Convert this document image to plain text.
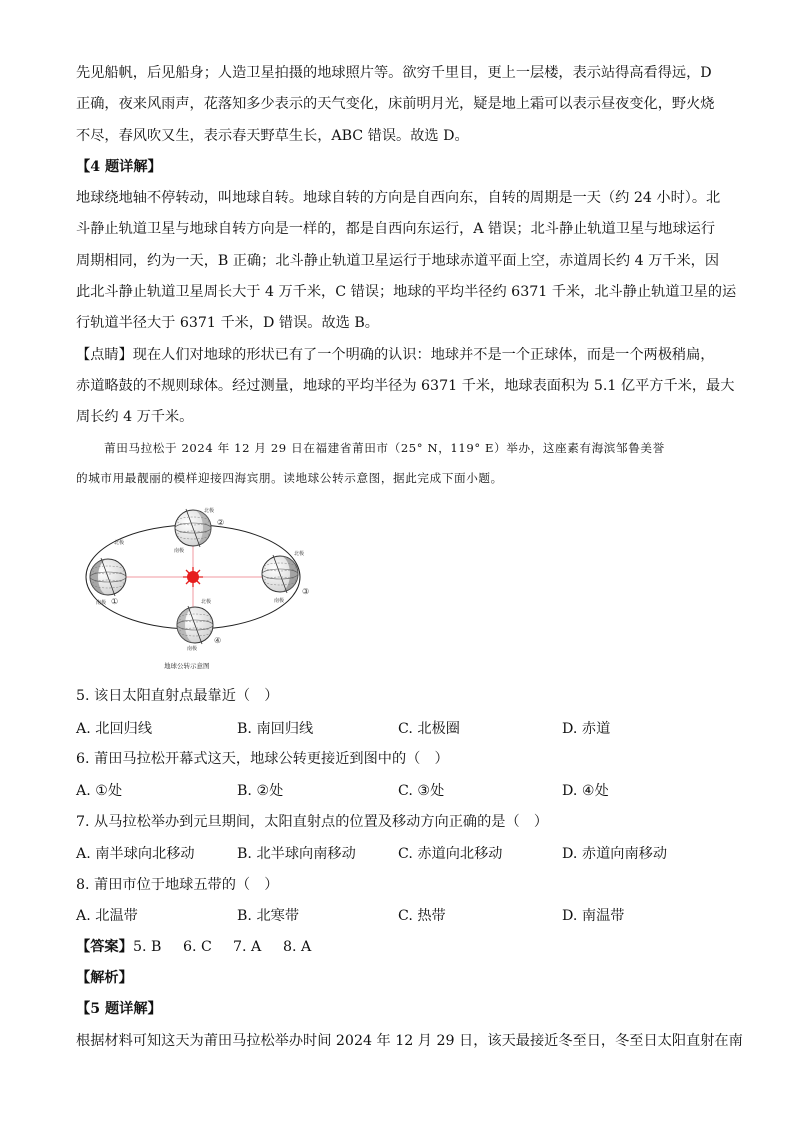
先见船帆，后见船身；人造卫星拍摄的地球照片等。欲穷千里目，更上一层楼，表示站得高看得远，D
正确，夜来风雨声，花落知多少表示的天气变化，床前明月光，疑是地上霜可以表示昼夜变化，野火烧
不尽，春风吹又生，表示春天野草生长，ABC 错误。故选 D。
【4 题详解】
地球绕地轴不停转动，叫地球自转。地球自转的方向是自西向东，自转的周期是一天（约 24 小时）。北
斗静止轨道卫星与地球自转方向是一样的，都是自西向东运行，A 错误；北斗静止轨道卫星与地球运行
周期相同，约为一天，B 正确；北斗静止轨道卫星运行于地球赤道平面上空，赤道周长约 4 万千米，因
此北斗静止轨道卫星周长大于 4 万千米，C 错误；地球的平均半径约 6371 千米，北斗静止轨道卫星的运
行轨道半径大于 6371 千米，D 错误。故选 B。
【点睛】现在人们对地球的形状已有了一个明确的认识：地球并不是一个正球体，而是一个两极稍扁，
赤道略鼓的不规则球体。经过测量，地球的平均半径为 6371 千米，地球表面积为 5.1 亿平方千米，最大
周长约 4 万千米。
莆田马拉松于 2024 年 12 月 29 日在福建省莆田市（25° N，119° E）举办，这座素有海滨邹鲁美誉
的城市用最靓丽的模样迎接四海宾朋。读地球公转示意图，据此完成下面小题。
北极
南极
②
北极
南极 ①
北极
南极
③
北极
南极
④
地球公转示意图
5. 该日太阳直射点最靠近（　）
A. 北回归线	B. 南回归线	C. 北极圈	D. 赤道
6. 莆田马拉松开幕式这天，地球公转更接近到图中的（　）
A. ①处	B. ②处	C. ③处	D. ④处
7. 从马拉松举办到元旦期间，太阳直射点的位置及移动方向正确的是（　）
A. 南半球向北移动	B. 北半球向南移动	C. 赤道向北移动	D. 赤道向南移动
8. 莆田市位于地球五带的（　）
A. 北温带	B. 北寒带	C. 热带	D. 南温带
【答案】 5. B 6. C 7. A 8. A
【解析】
【5 题详解】
根据材料可知这天为莆田马拉松举办时间 2024 年 12 月 29 日，该天最接近冬至日，冬至日太阳直射在南
